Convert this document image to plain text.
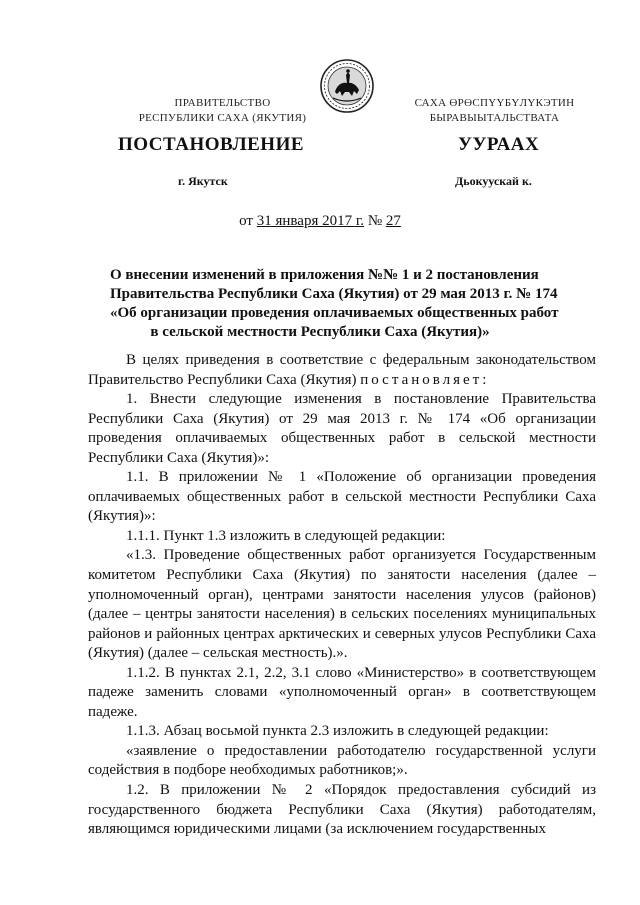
ПРАВИТЕЛЬСТВО
РЕСПУБЛИКИ САХА (ЯКУТИЯ)
САХА ӨРӨСПҮҮБҮЛҮКЭТИН
БЫРАВЫЫТАЛЬСТВАТА
ПОСТАНОВЛЕНИЕ	УУРААХ
г. Якутск	Дьокуускай к.
от 31 января 2017 г. № 27
О внесении изменений в приложения №№ 1 и 2 постановления
Правительства Республики Саха (Якутия) от 29 мая 2013 г. № 174
«Об организации проведения оплачиваемых общественных работ
в сельской местности Республики Саха (Якутия)»

В целях приведения в соответствие с федеральным законодательством Правительство Республики Саха (Якутия) постановляет:

1. Внести следующие изменения в постановление Правительства Республики Саха (Якутия) от 29 мая 2013 г. № 174 «Об организации проведения оплачиваемых общественных работ в сельской местности Республики Саха (Якутия)»:

1.1. В приложении № 1 «Положение об организации проведения оплачиваемых общественных работ в сельской местности Республики Саха (Якутия)»:

1.1.1. Пункт 1.3 изложить в следующей редакции:

«1.3. Проведение общественных работ организуется Государственным комитетом Республики Саха (Якутия) по занятости населения (далее – уполномоченный орган), центрами занятости населения улусов (районов) (далее – центры занятости населения) в сельских поселениях муниципальных районов и районных центрах арктических и северных улусов Республики Саха (Якутия) (далее – сельская местность).».

1.1.2. В пунктах 2.1, 2.2, 3.1 слово «Министерство» в соответствующем падеже заменить словами «уполномоченный орган» в соответствующем падеже.

1.1.3. Абзац восьмой пункта 2.3 изложить в следующей редакции:

«заявление о предоставлении работодателю государственной услуги содействия в подборе необходимых работников;».

1.2. В приложении № 2 «Порядок предоставления субсидий из государственного бюджета Республики Саха (Якутия) работодателям, являющимся юридическими лицами (за исключением государственных
